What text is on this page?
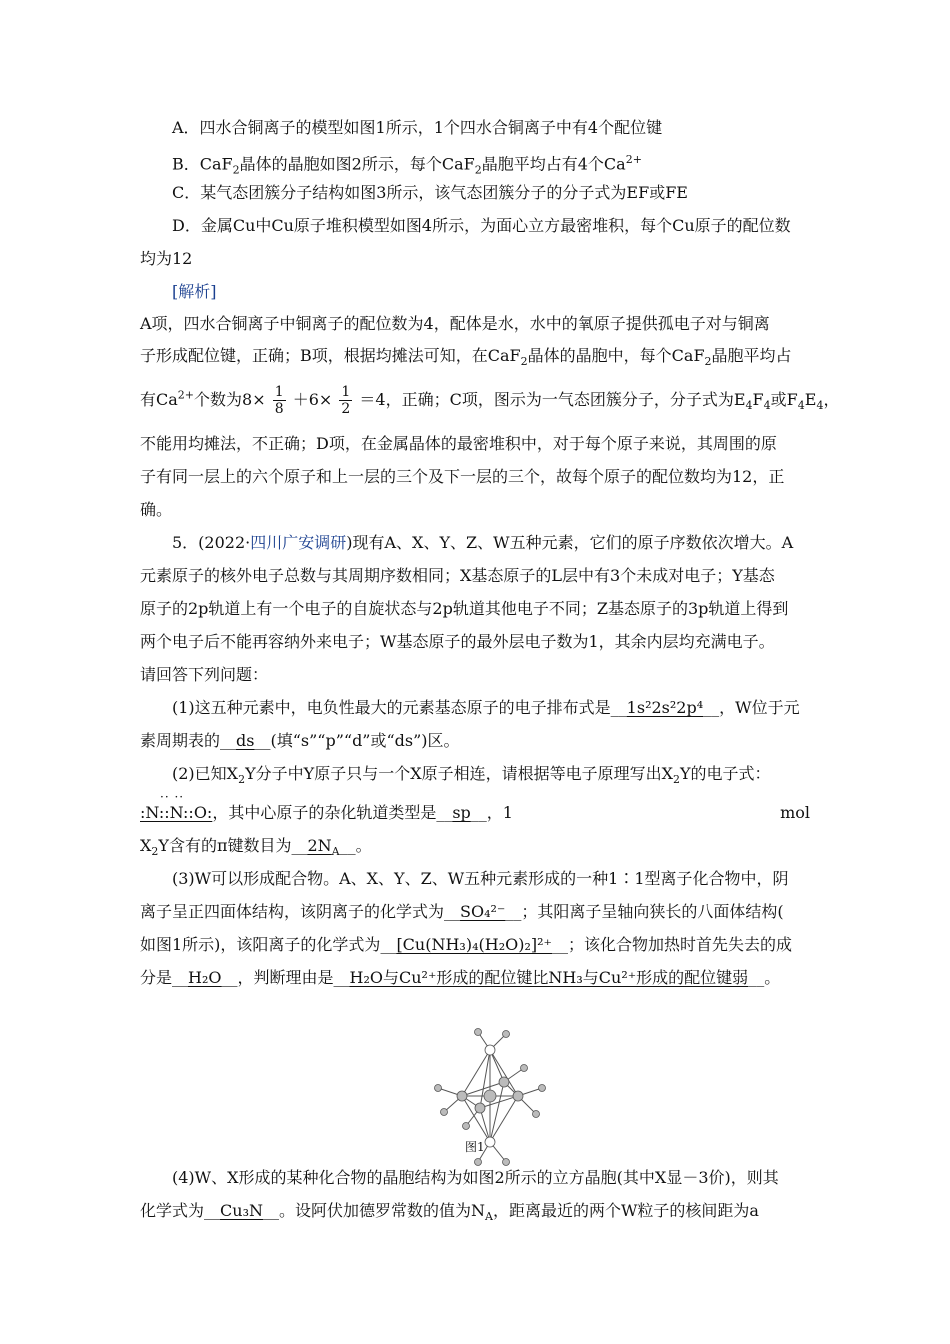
A．四水合铜离子的模型如图1所示，1个四水合铜离子中有4个配位键
B．CaF$_2$晶体的晶胞如图2所示，每个CaF$_2$晶胞平均占有4个$Ca^{2+}$
C．某气态团簇分子结构如图3所示，该气态团簇分子的分子式为EF或FE
D．金属Cu中Cu原子堆积模型如图4所示，为面心立方最密堆积，每个Cu原子的配位数
均为12
[解析]
A项，四水合铜离子中铜离子的配位数为4，配体是水，水中的氧原子提供孤电子对与铜离
子形成配位键，正确；B项，根据均摊法可知，在CaF$_2$晶体的晶胞中，每个CaF$_2$晶胞平均占
有$Ca^{2+}$个数为$8\times \frac{1}{8} +6\times \frac{1}{2} =4$，正确；C项，图示为一气态团簇分子，分子式为$E_4F_4$或$F_4E_4$，
不能用均摊法，不正确；D项，在金属晶体的最密堆积中，对于每个原子来说，其周围的原
子有同一层上的六个原子和上一层的三个及下一层的三个，故每个原子的配位数均为12，正
确。
5．(2022·四川广安调研)现有A、X、Y、Z、W五种元素，它们的原子序数依次增大。A
元素原子的核外电子总数与其周期序数相同；X基态原子的L层中有3个未成对电子；Y基态
原子的2p轨道上有一个电子的自旋状态与2p轨道其他电子不同；Z基态原子的3p轨道上得到
两个电子后不能再容纳外来电子；W基态原子的最外层电子数为1，其余内层均充满电子。
请回答下列问题：
(1)这五种元素中，电负性最大的元素基态原子的电子排布式是__1s²2s²2p⁴__，W位于元
素周期表的__ds__(填“s”“p”“d”或“ds”)区。
(2)已知$X_2Y$分子中Y原子只与一个X原子相连，请根据等电子原理写出$X_2Y$的电子式：
·· ··
:N::N::O:，其中心原子的杂化轨道类型是__sp__，1	mol
$X_2Y$含有的π键数目为$\_\_2N_A\_\_$。
(3)W可以形成配合物。A、X、Y、Z、W五种元素形成的一种1∶1型离子化合物中，阴
离子呈正四面体结构，该阴离子的化学式为__SO₄²⁻__；其阳离子呈轴向狭长的八面体结构(
如图1所示)，该阳离子的化学式为__[Cu(NH₃)₄(H₂O)₂]²⁺__；该化合物加热时首先失去的成
分是__H₂O__，判断理由是__H₂O与Cu²⁺形成的配位键比NH₃与Cu²⁺形成的配位键弱__。
图1
(4)W、X形成的某种化合物的晶胞结构为如图2所示的立方晶胞(其中X显－3价)，则其
化学式为__Cu₃N__。设阿伏加德罗常数的值为$N_A$，距离最近的两个W粒子的核间距为a
